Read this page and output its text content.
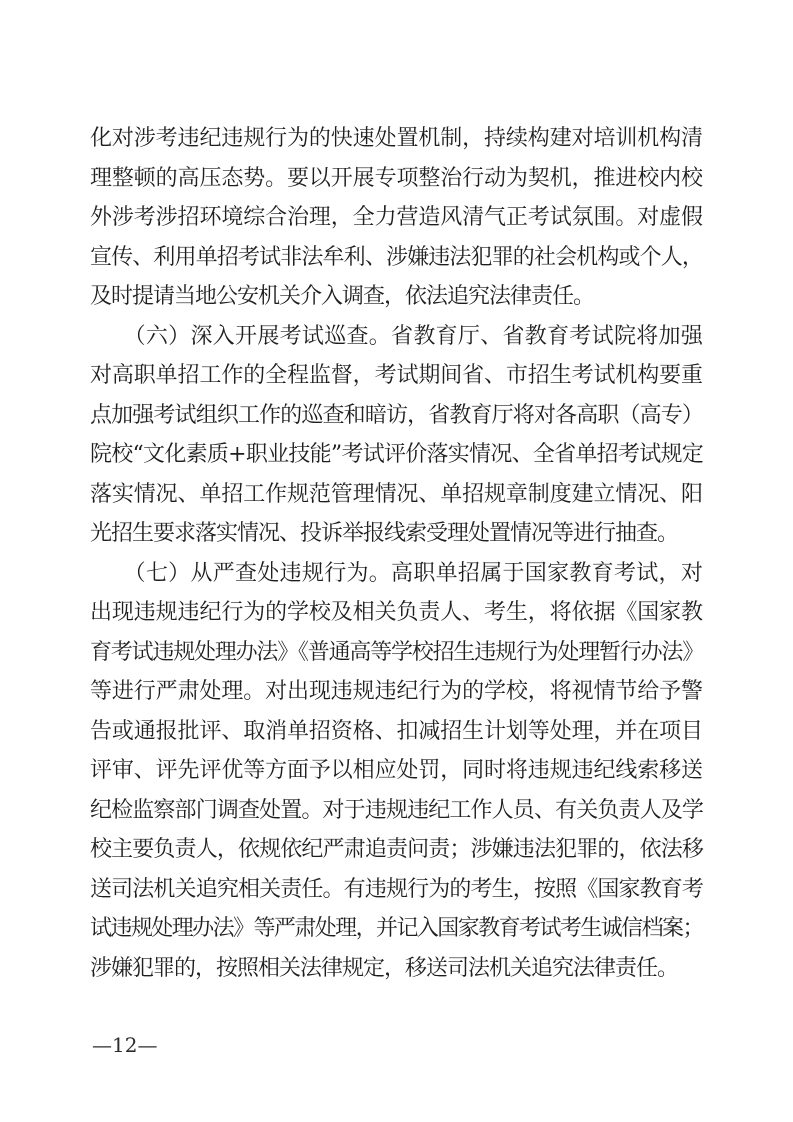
化对涉考违纪违规行为的快速处置机制，持续构建对培训机构清
理整顿的高压态势。要以开展专项整治行动为契机，推进校内校
外涉考涉招环境综合治理，全力营造风清气正考试氛围。对虚假
宣传、利用单招考试非法牟利、涉嫌违法犯罪的社会机构或个人，
及时提请当地公安机关介入调查，依法追究法律责任。
　　（六）深入开展考试巡查。省教育厅、省教育考试院将加强
对高职单招工作的全程监督，考试期间省、市招生考试机构要重
点加强考试组织工作的巡查和暗访，省教育厅将对各高职（高专）
院校“文化素质+职业技能”考试评价落实情况、全省单招考试规定
落实情况、单招工作规范管理情况、单招规章制度建立情况、阳
光招生要求落实情况、投诉举报线索受理处置情况等进行抽查。
　　（七）从严查处违规行为。高职单招属于国家教育考试，对
出现违规违纪行为的学校及相关负责人、考生，将依据《国家教
育考试违规处理办法》《普通高等学校招生违规行为处理暂行办法》
等进行严肃处理。对出现违规违纪行为的学校，将视情节给予警
告或通报批评、取消单招资格、扣减招生计划等处理，并在项目
评审、评先评优等方面予以相应处罚，同时将违规违纪线索移送
纪检监察部门调查处置。对于违规违纪工作人员、有关负责人及学
校主要负责人，依规依纪严肃追责问责；涉嫌违法犯罪的，依法移
送司法机关追究相关责任。有违规行为的考生，按照《国家教育考
试违规处理办法》等严肃处理，并记入国家教育考试考生诚信档案；
涉嫌犯罪的，按照相关法律规定，移送司法机关追究法律责任。
—12—
